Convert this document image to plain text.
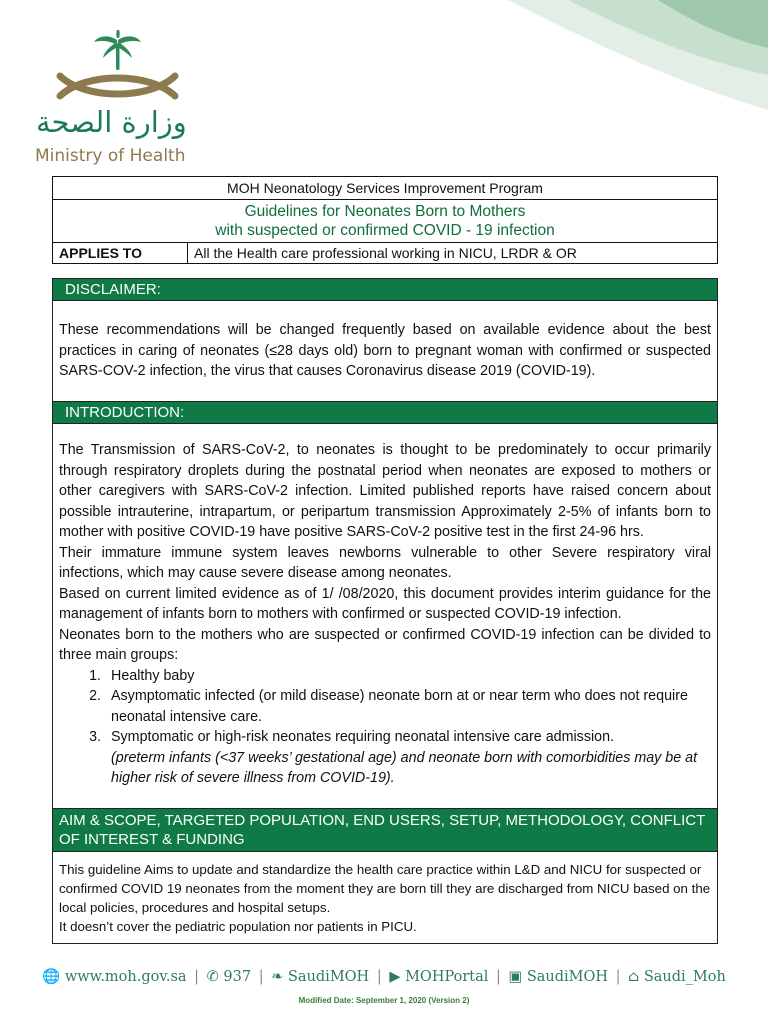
وزارة الصحة
Ministry of Health
MOH Neonatology Services Improvement Program

Guidelines for Neonates Born to Mothers
with suspected or confirmed COVID - 19 infection

APPLIES TO	All the Health care professional working in NICU, LRDR & OR
DISCLAIMER:

These recommendations will be changed frequently based on available evidence about the best practices in caring of neonates (≤28 days old) born to pregnant woman with confirmed or suspected SARS-COV-2 infection, the virus that causes Coronavirus disease 2019 (COVID-19).

INTRODUCTION:

The Transmission of SARS-CoV-2, to neonates is thought to be predominately to occur primarily through respiratory droplets during the postnatal period when neonates are exposed to mothers or other caregivers with SARS-CoV-2 infection. Limited published reports have raised concern about possible intrauterine, intrapartum, or peripartum transmission Approximately 2-5% of infants born to mother with positive COVID-19 have positive SARS-CoV-2 positive test in the first 24-96 hrs.

Their immature immune system leaves newborns vulnerable to other Severe respiratory viral infections, which may cause severe disease among neonates.

Based on current limited evidence as of 1/ /08/2020, this document provides interim guidance for the management of infants born to mothers with confirmed or suspected COVID-19 infection.

Neonates born to the mothers who are suspected or confirmed COVID-19 infection can be divided to three main groups:

1. Healthy baby
2. Asymptomatic infected (or mild disease) neonate born at or near term who does not require neonatal intensive care.
3. Symptomatic or high-risk neonates requiring neonatal intensive care admission.

(preterm infants (<37 weeks’ gestational age) and neonate born with comorbidities may be at higher risk of severe illness from COVID-19).

AIM & SCOPE, TARGETED POPULATION, END USERS, SETUP, METHODOLOGY, CONFLICT OF INTEREST & FUNDING

This guideline Aims to update and standardize the health care practice within L&D and NICU for suspected or confirmed COVID 19 neonates from the moment they are born till they are discharged from NICU based on the local policies, procedures and hospital setups.

It doesn’t cover the pediatric population nor patients in PICU.

🌐 www.moh.gov.sa | ✆ 937 | ❧ SaudiMOH | ▶ MOHPortal | ▣ SaudiMOH | ⌂ Saudi_Moh
Modified Date: September 1, 2020 (Version 2)
